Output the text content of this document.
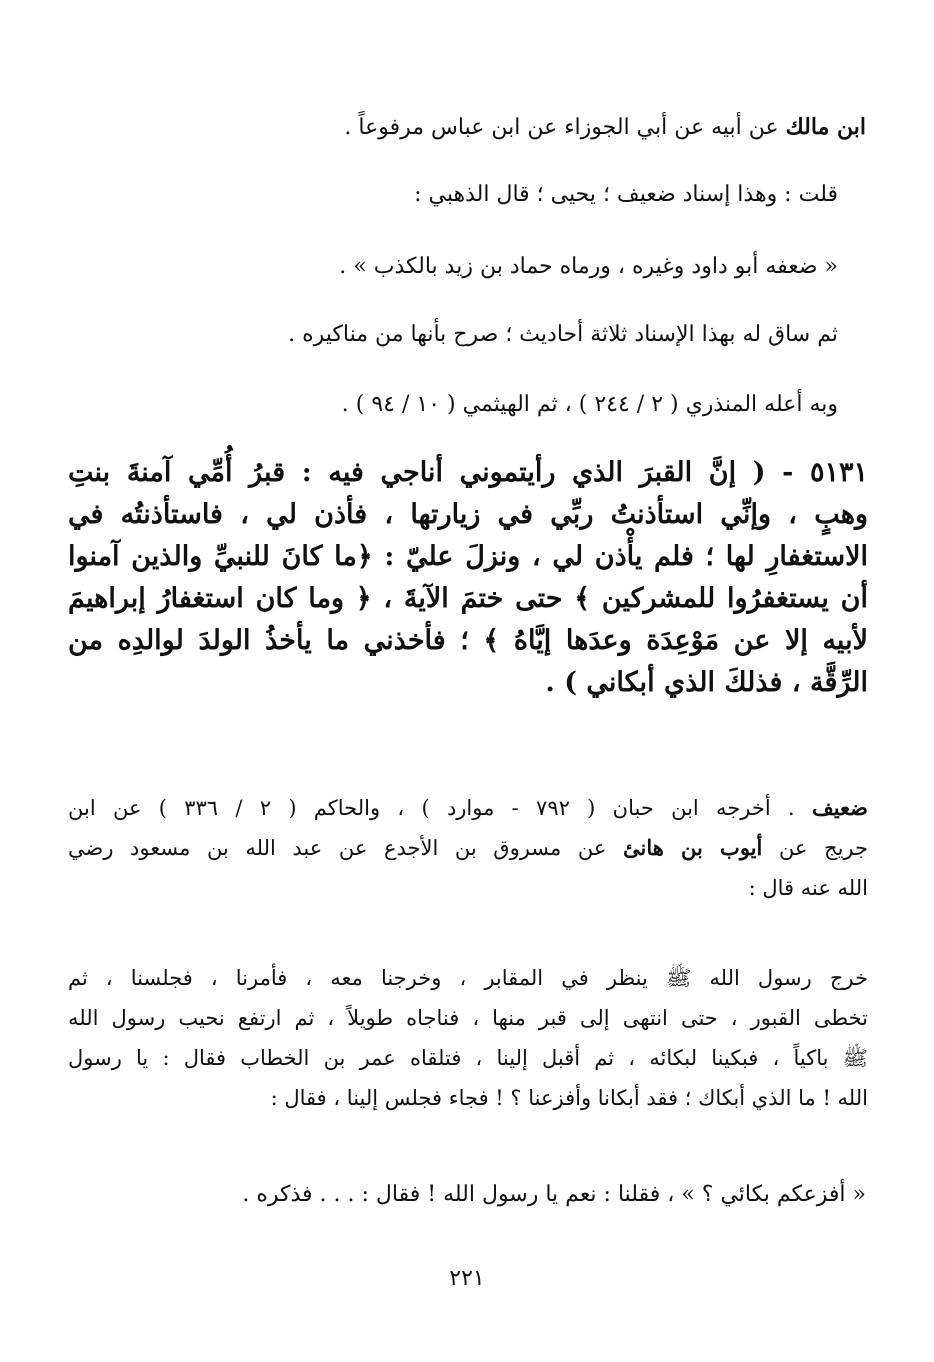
ابن مالك عن أبيه عن أبي الجوزاء عن ابن عباس مرفوعاً .
قلت : وهذا إسناد ضعيف ؛ يحيى ؛ قال الذهبي :
« ضعفه أبو داود وغيره ، ورماه حماد بن زيد بالكذب » .
ثم ساق له بهذا الإسناد ثلاثة أحاديث ؛ صرح بأنها من مناكيره .
وبه أعله المنذري ( ٢ / ٢٤٤ ) ، ثم الهيثمي ( ١٠ / ٩٤ ) .
٥١٣١ - ( إنَّ القبرَ الذي رأيتموني أناجي فيه : قبرُ أُمِّي آمنةَ بنتِ
وهبٍ ، وإنِّي استأذنتُ ربِّي في زيارتها ، فأذن لي ، فاستأذنتُه في
الاستغفارِ لها ؛ فلم يأْذن لي ، ونزلَ عليّ : ﴿ما كانَ للنبيِّ والذين آمنوا
أن يستغفرُوا للمشركين ﴾ حتى ختمَ الآيةَ ، ﴿ وما كان استغفارُ إبراهيمَ
لأبيه إلا عن مَوْعِدَة وعدَها إيَّاهُ ﴾ ؛ فأخذني ما يأخذُ الولدَ لوالدِه من
الرِّقَّة ، فذلكَ الذي أبكاني ) .
ضعيف . أخرجه ابن حبان ( ٧٩٢ - موارد ) ، والحاكم ( ٢ / ٣٣٦ ) عن ابن
جريج عن أيوب بن هانئ عن مسروق بن الأجدع عن عبد الله بن مسعود رضي
الله عنه قال :
خرج رسول الله ﷺ ينظر في المقابر ، وخرجنا معه ، فأمرنا ، فجلسنا ، ثم
تخطى القبور ، حتى انتهى إلى قبر منها ، فناجاه طويلاً ، ثم ارتفع نحيب رسول الله
ﷺ باكياً ، فبكينا لبكائه ، ثم أقبل إلينا ، فتلقاه عمر بن الخطاب فقال : يا رسول
الله ! ما الذي أبكاك ؛ فقد أبكانا وأفزعنا ؟ ! فجاء فجلس إلينا ، فقال :
« أفزعكم بكائي ؟ » ، فقلنا : نعم يا رسول الله ! فقال : . . . فذكره .
٢٢١
